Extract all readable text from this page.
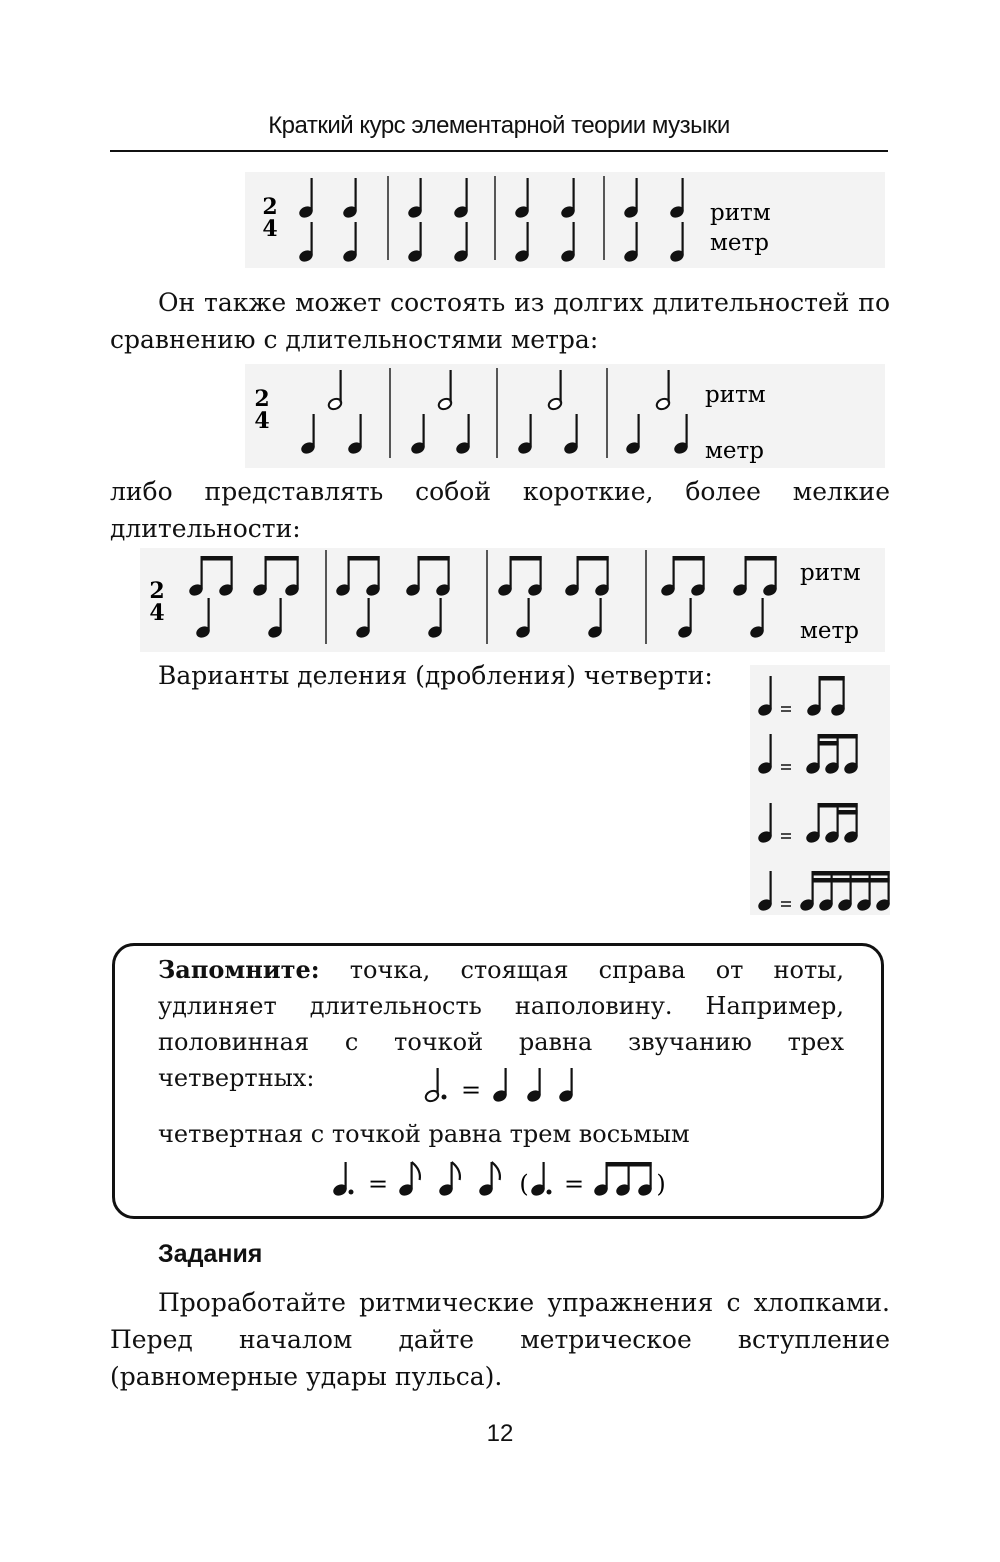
Краткий курс элементарной теории музыки
2
4
ритм
метр
Он также может состоять из долгих длительностей по сравнению с длительностями метра:
2
4
ритм
метр
либо представлять собой короткие, более мелкие длительности:
2
4
ритм
метр
Варианты деления (дробления) четверти:
Запомните: точка, стоящая справа от ноты, удлиняет длительность наполовину. Например, половинная с точкой равна звучанию трех четвертных:	=
четвертная с точкой равна трем восьмым
=	( =	)
Задания
Проработайте ритмические упражнения с хлопками. Перед началом дайте метрическое вступление (равномерные удары пульса).
12
